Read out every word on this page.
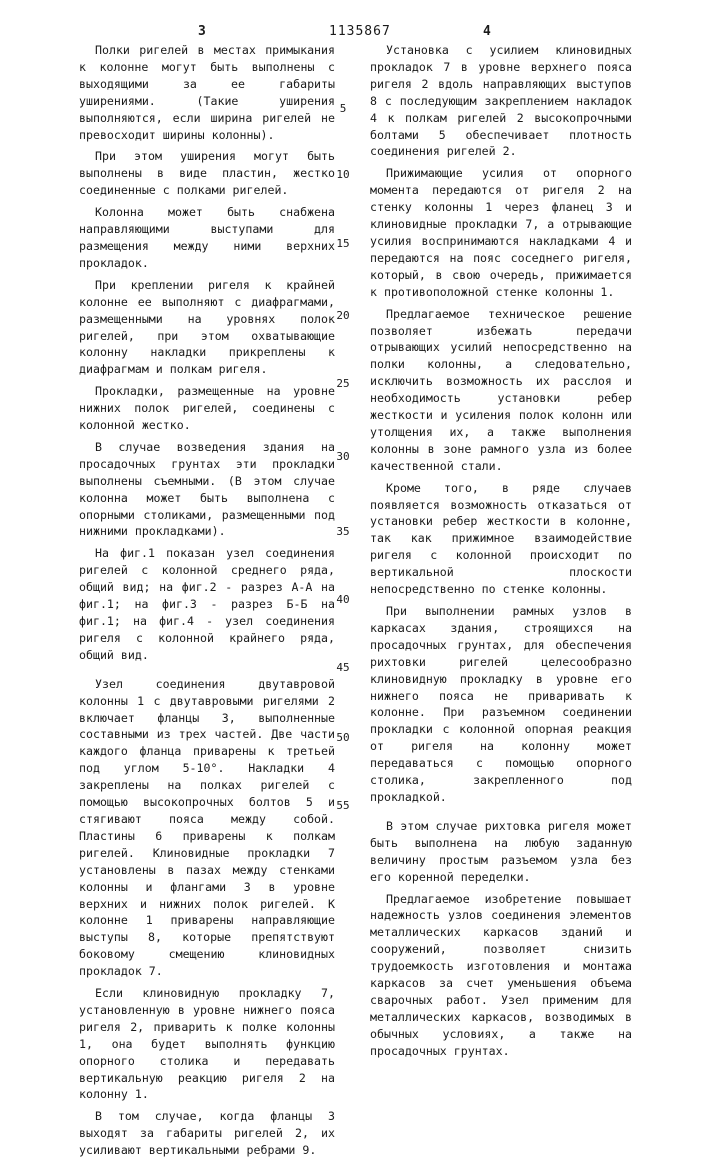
3	1135867	4

Полки ригелей в местах примыкания к колонне могут быть выполнены с выходящими за ее габариты уширениями. (Такие уширения выполняются, если ширина ригелей не превосходит ширины колонны).

При этом уширения могут быть выполнены в виде пластин, жестко соединенные с полками ригелей.

Колонна может быть снабжена направляющими выступами для размещения между ними верхних прокладок.

При креплении ригеля к крайней колонне ее выполняют с диафрагмами, размещенными на уровнях полок ригелей, при этом охватывающие колонну накладки прикреплены к диафрагмам и полкам ригеля.

Прокладки, размещенные на уровне нижних полок ригелей, соединены с колонной жестко.

В случае возведения здания на просадочных грунтах эти прокладки выполнены съемными. (В этом случае колонна может быть выполнена с опорными столиками, размещенными под нижними прокладками).

На фиг.1 показан узел соединения ригелей с колонной среднего ряда, общий вид; на фиг.2 - разрез А-А на фиг.1; на фиг.3 - разрез Б-Б на фиг.1; на фиг.4 - узел соединения ригеля с колонной крайнего ряда, общий вид.

Узел соединения двутавровой колонны 1 с двутавровыми ригелями 2 включает фланцы 3, выполненные составными из трех частей. Две части каждого фланца приварены к третьей под углом 5-10°. Накладки 4 закреплены на полках ригелей с помощью высокопрочных болтов 5 и стягивают пояса между собой. Пластины 6 приварены к полкам ригелей. Клиновидные прокладки 7 установлены в пазах между стенками колонны и флангами 3 в уровне верхних и нижних полок ригелей. К колонне 1 приварены направляющие выступы 8, которые препятствуют боковому смещению клиновидных прокладок 7.

Если клиновидную прокладку 7, установленную в уровне нижнего пояса ригеля 2, приварить к полке колонны 1, она будет выполнять функцию опорного столика и передавать вертикальную реакцию ригеля 2 на колонну 1.

В том случае, когда фланцы 3 выходят за габариты ригелей 2, их усиливают вертикальными ребрами 9.

Установка с усилием клиновидных прокладок 7 в уровне верхнего пояса ригеля 2 вдоль направляющих выступов 8 с последующим закреплением накладок 4 к полкам ригелей 2 высокопрочными болтами 5 обеспечивает плотность соединения ригелей 2.

Прижимающие усилия от опорного момента передаются от ригеля 2 на стенку колонны 1 через фланец 3 и клиновидные прокладки 7, а отрывающие усилия воспринимаются накладками 4 и передаются на пояс соседнего ригеля, который, в свою очередь, прижимается к противоположной стенке колонны 1.

Предлагаемое техническое решение позволяет избежать передачи отрывающих усилий непосредственно на полки колонны, а следовательно, исключить возможность их расслоя и необходимость установки ребер жесткости и усиления полок колонн или утолщения их, а также выполнения колонны в зоне рамного узла из более качественной стали.

Кроме того, в ряде случаев появляется возможность отказаться от установки ребер жесткости в колонне, так как прижимное взаимодействие ригеля с колонной происходит по вертикальной плоскости непосредственно по стенке колонны.

При выполнении рамных узлов в каркасах здания, строящихся на просадочных грунтах, для обеспечения рихтовки ригелей целесообразно клиновидную прокладку в уровне его нижнего пояса не приваривать к колонне. При разъемном соединении прокладки с колонной опорная реакция от ригеля на колонну может передаваться с помощью опорного столика, закрепленного под прокладкой.

В этом случае рихтовка ригеля может быть выполнена на любую заданную величину простым разъемом узла без его коренной переделки.

Предлагаемое изобретение повышает надежность узлов соединения элементов металлических каркасов зданий и сооружений, позволяет снизить трудоемкость изготовления и монтажа каркасов за счет уменьшения объема сварочных работ. Узел применим для металлических каркасов, возводимых в обычных условиях, а также на просадочных грунтах.

5
10
15
20
25
30
35
40
45
50
55
